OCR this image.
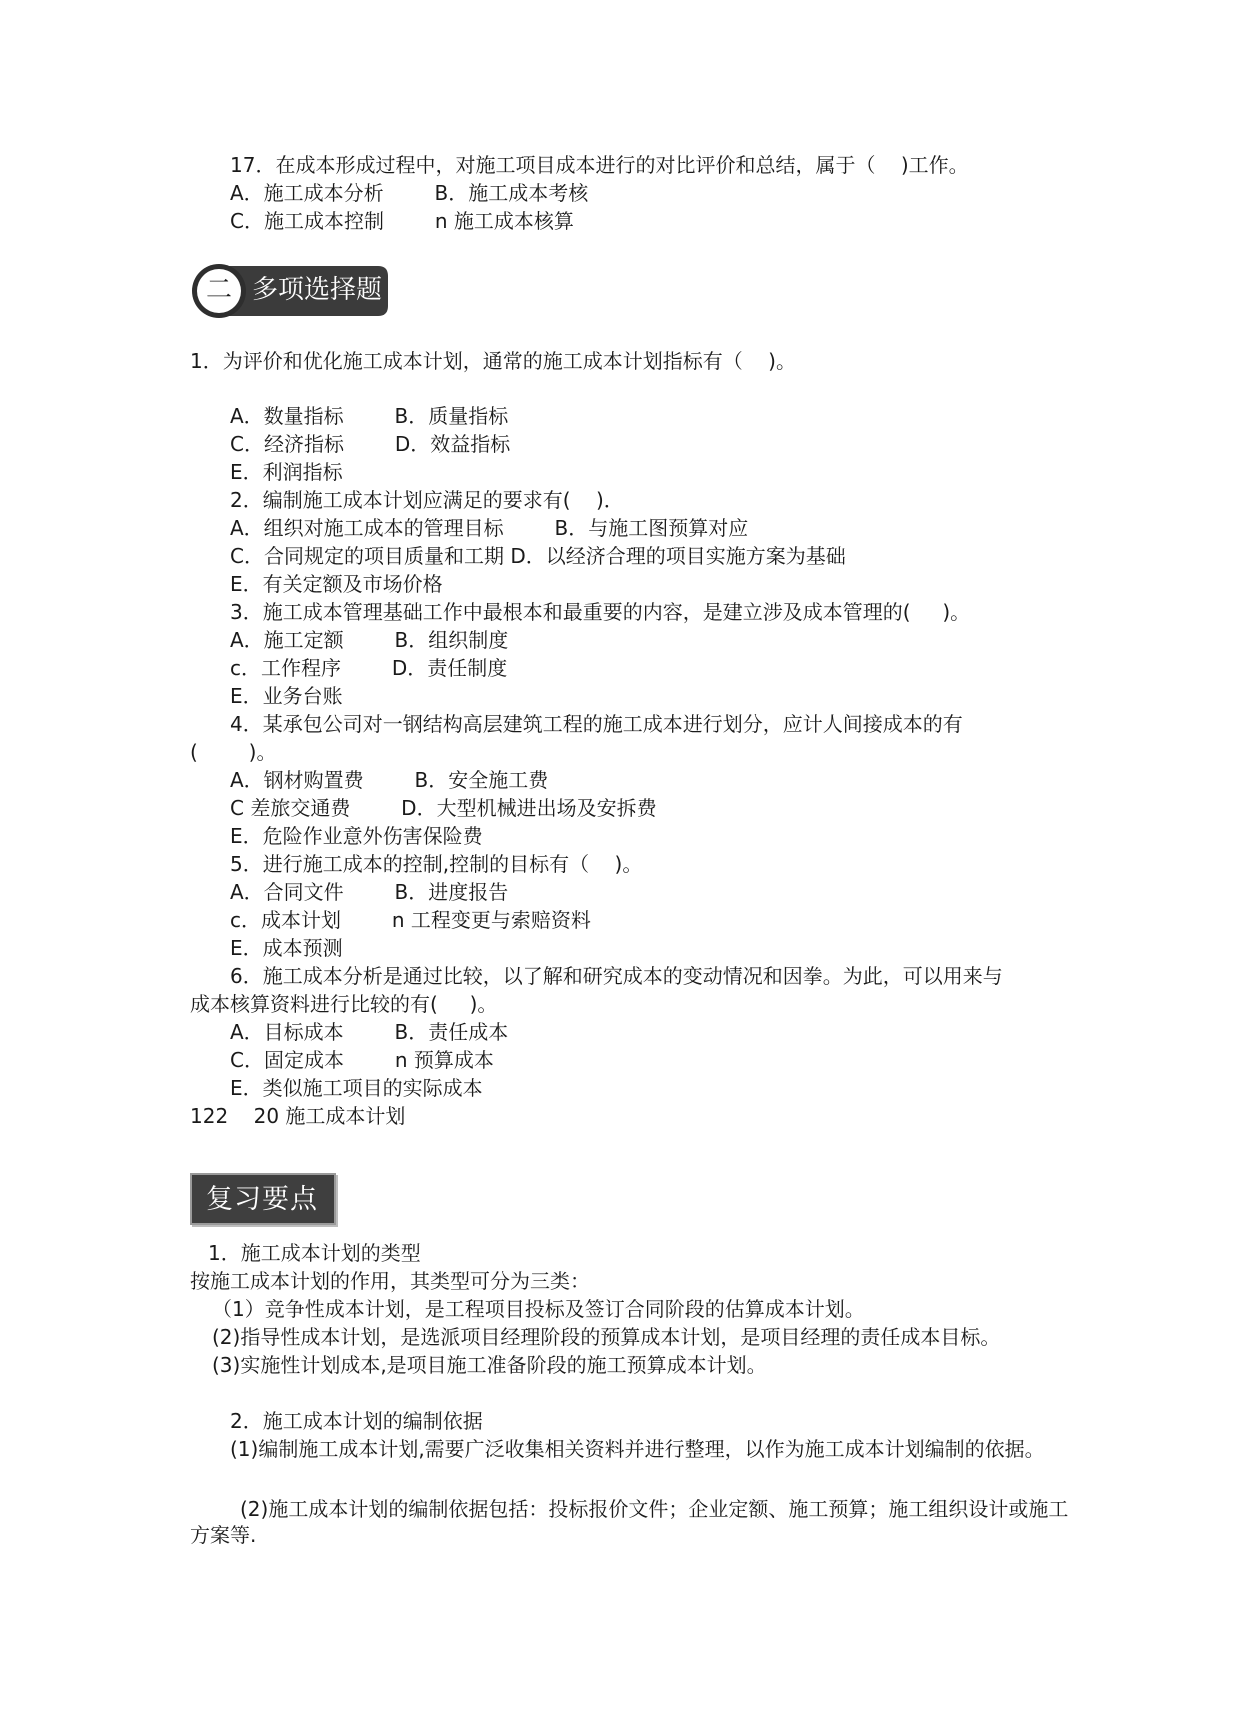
17．在成本形成过程中，对施工项目成本进行的对比评价和总结，属于（    )工作。
A．施工成本分析        B．施工成本考核
C．施工成本控制        n 施工成本核算
二 多项选择题
1．为评价和优化施工成本计划，通常的施工成本计划指标有（    )。
A．数量指标        B．质量指标
C．经济指标        D．效益指标
E．利润指标
2．编制施工成本计划应满足的要求有(    )．
A．组织对施工成本的管理目标        B．与施工图预算对应
C．合同规定的项目质量和工期 D．以经济合理的项目实施方案为基础
E．有关定额及市场价格
3．施工成本管理基础工作中最根本和最重要的内容，是建立涉及成本管理的(     )。
A．施工定额        B．组织制度
c．工作程序        D．责任制度
E．业务台账
4．某承包公司对一钢结构高层建筑工程的施工成本进行划分，应计人间接成本的有
(        )。
A．钢材购置费        B．安全施工费
C 差旅交通费        D．大型机械进出场及安拆费
E．危险作业意外伤害保险费
5．进行施工成本的控制,控制的目标有（    )。
A．合同文件        B．进度报告
c．成本计划        n 工程变更与索赔资料
E．成本预测
6．施工成本分析是通过比较，以了解和研究成本的变动情况和因拳。为此，可以用来与
成本核算资料进行比较的有(     )。
A．目标成本        B．责任成本
C．固定成本        n 预算成本
E．类似施工项目的实际成本
122    20 施工成本计划
复习要点
1．施工成本计划的类型
按施工成本计划的作用，其类型可分为三类：
（1）竞争性成本计划，是工程项目投标及签订合同阶段的估算成本计划。
(2)指导性成本计划，是选派项目经理阶段的预算成本计划，是项目经理的责任成本目标。
(3)实施性计划成本,是项目施工准备阶段的施工预算成本计划。
2．施工成本计划的编制依据
(1)编制施工成本计划,需要广泛收集相关资料并进行整理，以作为施工成本计划编制的依据。
(2)施工成本计划的编制依据包括：投标报价文件；企业定额、施工预算；施工组织设计或施工方案等.
